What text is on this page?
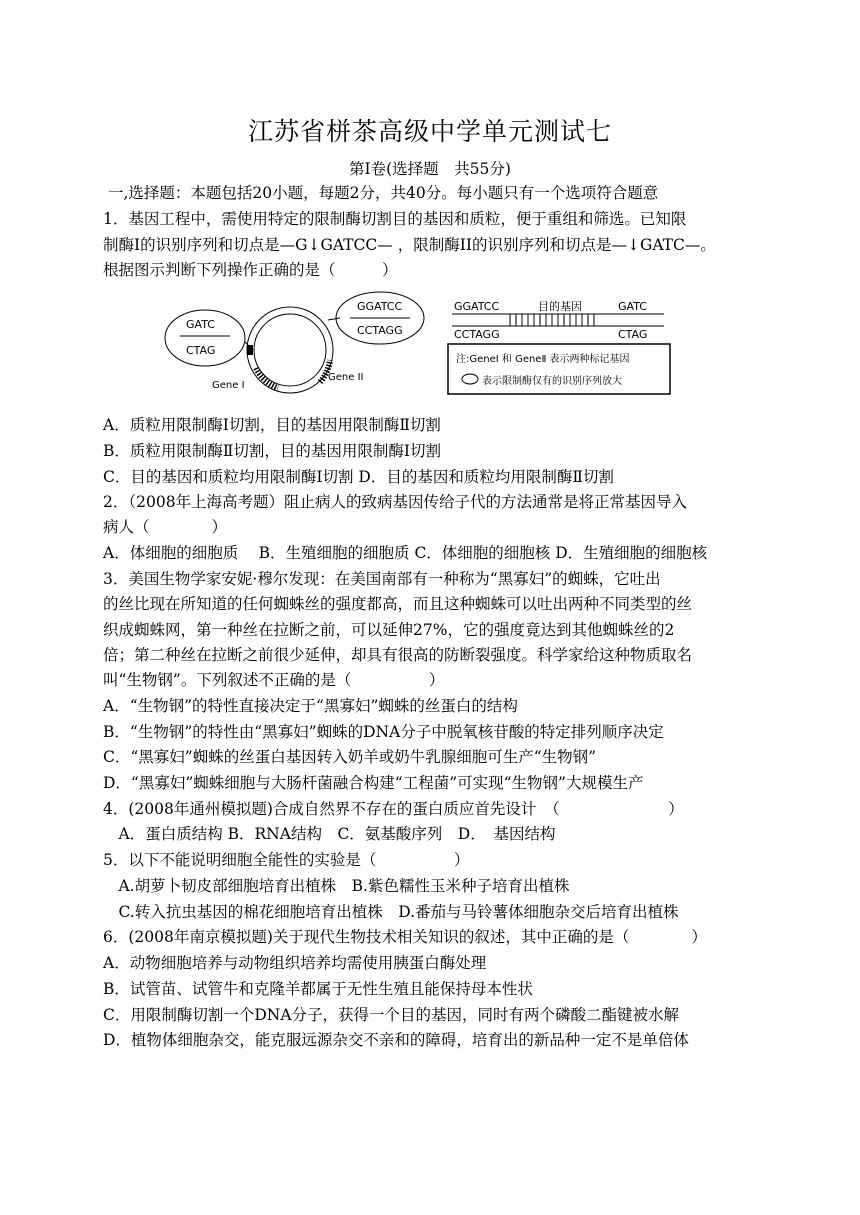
江苏省栟茶高级中学单元测试七
第Ⅰ卷(选择题　共55分)
一,选择题：本题包括20小题，每题2分，共40分。每小题只有一个选项符合题意
1．基因工程中，需使用特定的限制酶切割目的基因和质粒，便于重组和筛选。已知限
制酶Ⅰ的识别序列和切点是—G↓GATCC— ，限制酶II的识别序列和切点是—↓GATC—。
根据图示判断下列操作正确的是（　　　）
GATC
CTAG
GGATCC
CCTAGG
Gene I
Gene II
GGATCC	目的基因	GATC
CCTAGG	CTAG
注:GeneⅠ 和 GeneⅡ 表示两种标记基因
表示限制酶仅有的识别序列放大
A．质粒用限制酶Ⅰ切割，目的基因用限制酶Ⅱ切割
B．质粒用限制酶Ⅱ切割，目的基因用限制酶Ⅰ切割
C．目的基因和质粒均用限制酶Ⅰ切割 D．目的基因和质粒均用限制酶Ⅱ切割
2．（2008年上海高考题）阻止病人的致病基因传给子代的方法通常是将正常基因导入
病人（　　　　）
A．体细胞的细胞质　 B．生殖细胞的细胞质 C．体细胞的细胞核 D．生殖细胞的细胞核
3．美国生物学家安妮·穆尔发现：在美国南部有一种称为“黑寡妇”的蜘蛛，它吐出
的丝比现在所知道的任何蜘蛛丝的强度都高，而且这种蜘蛛可以吐出两种不同类型的丝
织成蜘蛛网，第一种丝在拉断之前，可以延伸27%，它的强度竟达到其他蜘蛛丝的2
倍；第二种丝在拉断之前很少延伸，却具有很高的防断裂强度。科学家给这种物质取名
叫“生物钢”。下列叙述不正确的是（　　　　　）
A．“生物钢”的特性直接决定于“黑寡妇”蜘蛛的丝蛋白的结构
B．“生物钢”的特性由“黑寡妇”蜘蛛的DNA分子中脱氧核苷酸的特定排列顺序决定
C．“黑寡妇”蜘蛛的丝蛋白基因转入奶羊或奶牛乳腺细胞可生产“生物钢”
D．“黑寡妇”蜘蛛细胞与大肠杆菌融合构建“工程菌”可实现“生物钢”大规模生产
4．(2008年通州模拟题)合成自然界不存在的蛋白质应首先设计　（　　　　　　　）
　A．蛋白质结构 B．RNA结构　C．氨基酸序列　D．　基因结构
5．以下不能说明细胞全能性的实验是（　　　　　）
　A.胡萝卜韧皮部细胞培育出植株　B.紫色糯性玉米种子培育出植株
　C.转入抗虫基因的棉花细胞培育出植株　D.番茄与马铃薯体细胞杂交后培育出植株
6．(2008年南京模拟题)关于现代生物技术相关知识的叙述，其中正确的是（　　　　）
A．动物细胞培养与动物组织培养均需使用胰蛋白酶处理
B．试管苗、试管牛和克隆羊都属于无性生殖且能保持母本性状
C．用限制酶切割一个DNA分子，获得一个目的基因，同时有两个磷酸二酯键被水解
D．植物体细胞杂交，能克服远源杂交不亲和的障碍，培育出的新品种一定不是单倍体
